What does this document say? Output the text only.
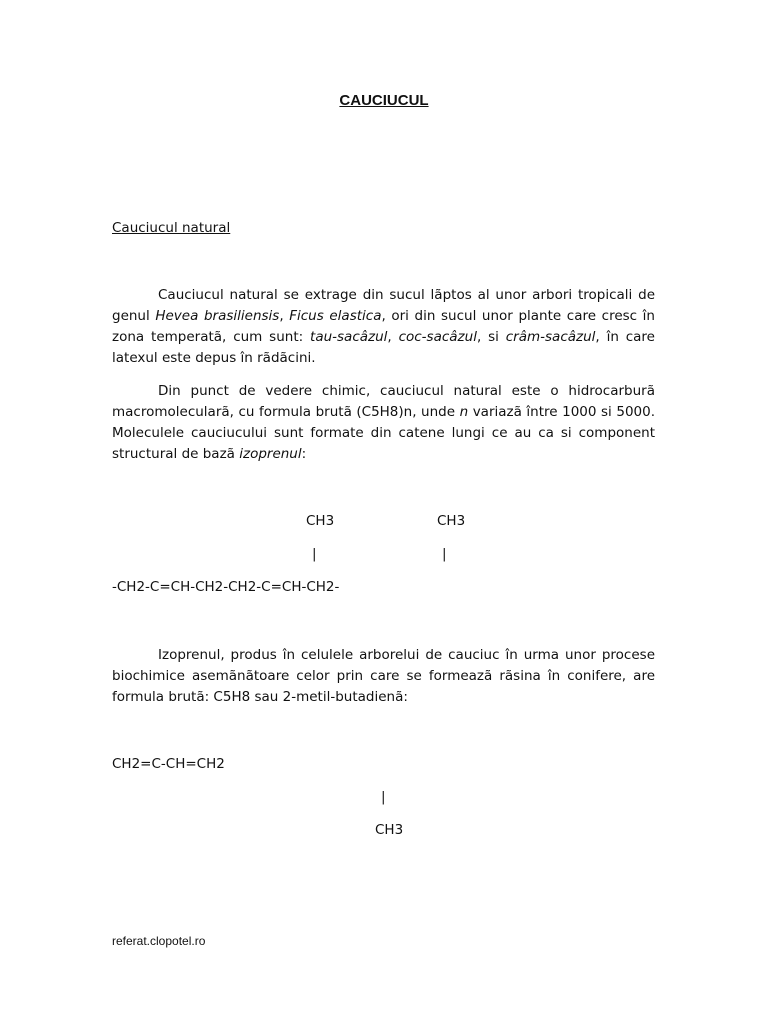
CAUCIUCUL
Cauciucul natural
Cauciucul natural se extrage din sucul lãptos al unor arbori tropicali de genul Hevea brasiliensis, Ficus elastica, ori din sucul unor plante care cresc în zona temperatã, cum sunt: tau-sacâzul, coc-sacâzul, si crâm-sacâzul, în care latexul este depus în rãdãcini.
Din punct de vedere chimic, cauciucul natural este o hidrocarburã macromolecularã, cu formula brutã (C5H8)n, unde n variazã între 1000 si 5000. Moleculele cauciucului sunt formate din catene lungi ce au ca si component structural de bazã izoprenul:
CH3	CH3
|	|
-CH2-C=CH-CH2-CH2-C=CH-CH2-
Izoprenul, produs în celulele arborelui de cauciuc în urma unor procese biochimice asemãnãtoare celor prin care se formeazã rãsina în conifere, are formula brutã: C5H8 sau 2-metil-butadienã:
CH2=C-CH=CH2
|
CH3
referat.clopotel.ro
